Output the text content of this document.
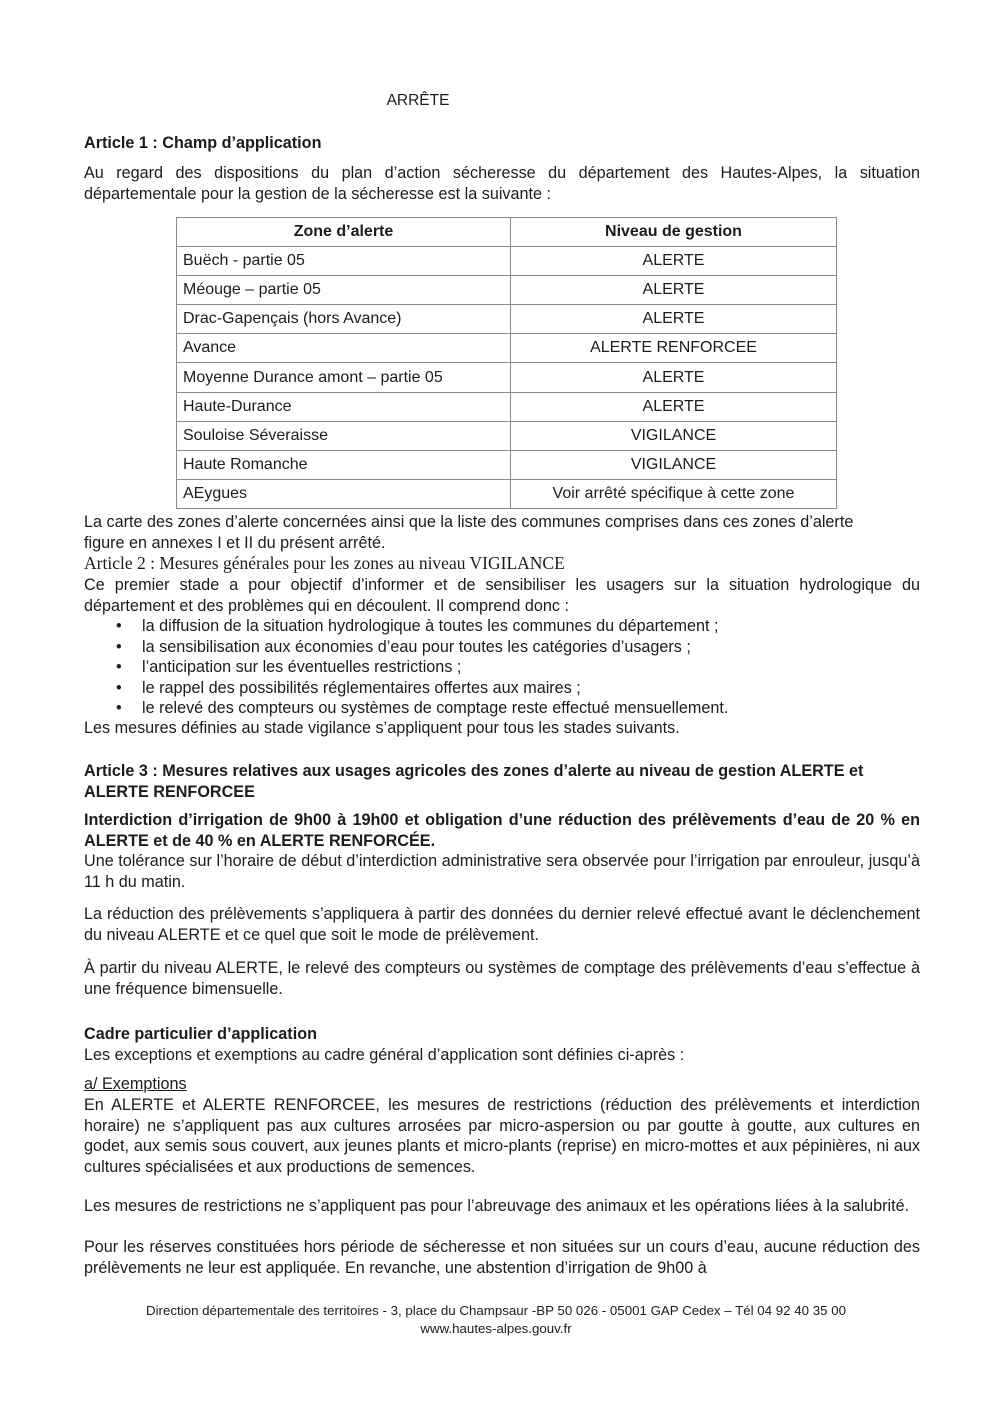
ARRÊTE
Article 1 : Champ d’application

Au regard des dispositions du plan d’action sécheresse du département des Hautes-Alpes, la situation départementale pour la gestion de la sécheresse est la suivante :

Zone d’alerte	Niveau de gestion
Buëch - partie 05	ALERTE
Méouge – partie 05	ALERTE
Drac-Gapençais (hors Avance)	ALERTE
Avance	ALERTE RENFORCEE
Moyenne Durance amont – partie 05	ALERTE
Haute-Durance	ALERTE
Souloise Séveraisse	VIGILANCE
Haute Romanche	VIGILANCE
AEygues	Voir arrêté spécifique à cette zone

La carte des zones d’alerte concernées ainsi que la liste des communes comprises dans ces zones d’alerte figure en annexes I et II du présent arrêté.

Article 2 : Mesures générales pour les zones au niveau VIGILANCE

Ce premier stade a pour objectif d’informer et de sensibiliser les usagers sur la situation hydrologique du département et des problèmes qui en découlent. Il comprend donc :

• la diffusion de la situation hydrologique à toutes les communes du département ;
• la sensibilisation aux économies d’eau pour toutes les catégories d’usagers ;
• l’anticipation sur les éventuelles restrictions ;
• le rappel des possibilités réglementaires offertes aux maires ;
• le relevé des compteurs ou systèmes de comptage reste effectué mensuellement.

Les mesures définies au stade vigilance s’appliquent pour tous les stades suivants.

Article 3 : Mesures relatives aux usages agricoles des zones d’alerte au niveau de gestion ALERTE et ALERTE RENFORCEE

Interdiction d’irrigation de 9h00 à 19h00 et obligation d’une réduction des prélèvements d’eau de 20 % en ALERTE et de 40 % en ALERTE RENFORCÉE.

Une tolérance sur l’horaire de début d’interdiction administrative sera observée pour l’irrigation par enrouleur, jusqu’à 11 h du matin.

La réduction des prélèvements s’appliquera à partir des données du dernier relevé effectué avant le déclenchement du niveau ALERTE et ce quel que soit le mode de prélèvement.

À partir du niveau ALERTE, le relevé des compteurs ou systèmes de comptage des prélèvements d’eau s’effectue à une fréquence bimensuelle.

Cadre particulier d’application

Les exceptions et exemptions au cadre général d’application sont définies ci-après :

a/ Exemptions

En ALERTE et ALERTE RENFORCEE, les mesures de restrictions (réduction des prélèvements et interdiction horaire) ne s’appliquent pas aux cultures arrosées par micro-aspersion ou par goutte à goutte, aux cultures en godet, aux semis sous couvert, aux jeunes plants et micro-plants (reprise) en micro-mottes et aux pépinières, ni aux cultures spécialisées et aux productions de semences.

Les mesures de restrictions ne s’appliquent pas pour l’abreuvage des animaux et les opérations liées à la salubrité.

Pour les réserves constituées hors période de sécheresse et non situées sur un cours d’eau, aucune réduction des prélèvements ne leur est appliquée. En revanche, une abstention d’irrigation de 9h00 à

Direction départementale des territoires - 3, place du Champsaur -BP 50 026 - 05001 GAP Cedex – Tél 04 92 40 35 00
www.hautes-alpes.gouv.fr
